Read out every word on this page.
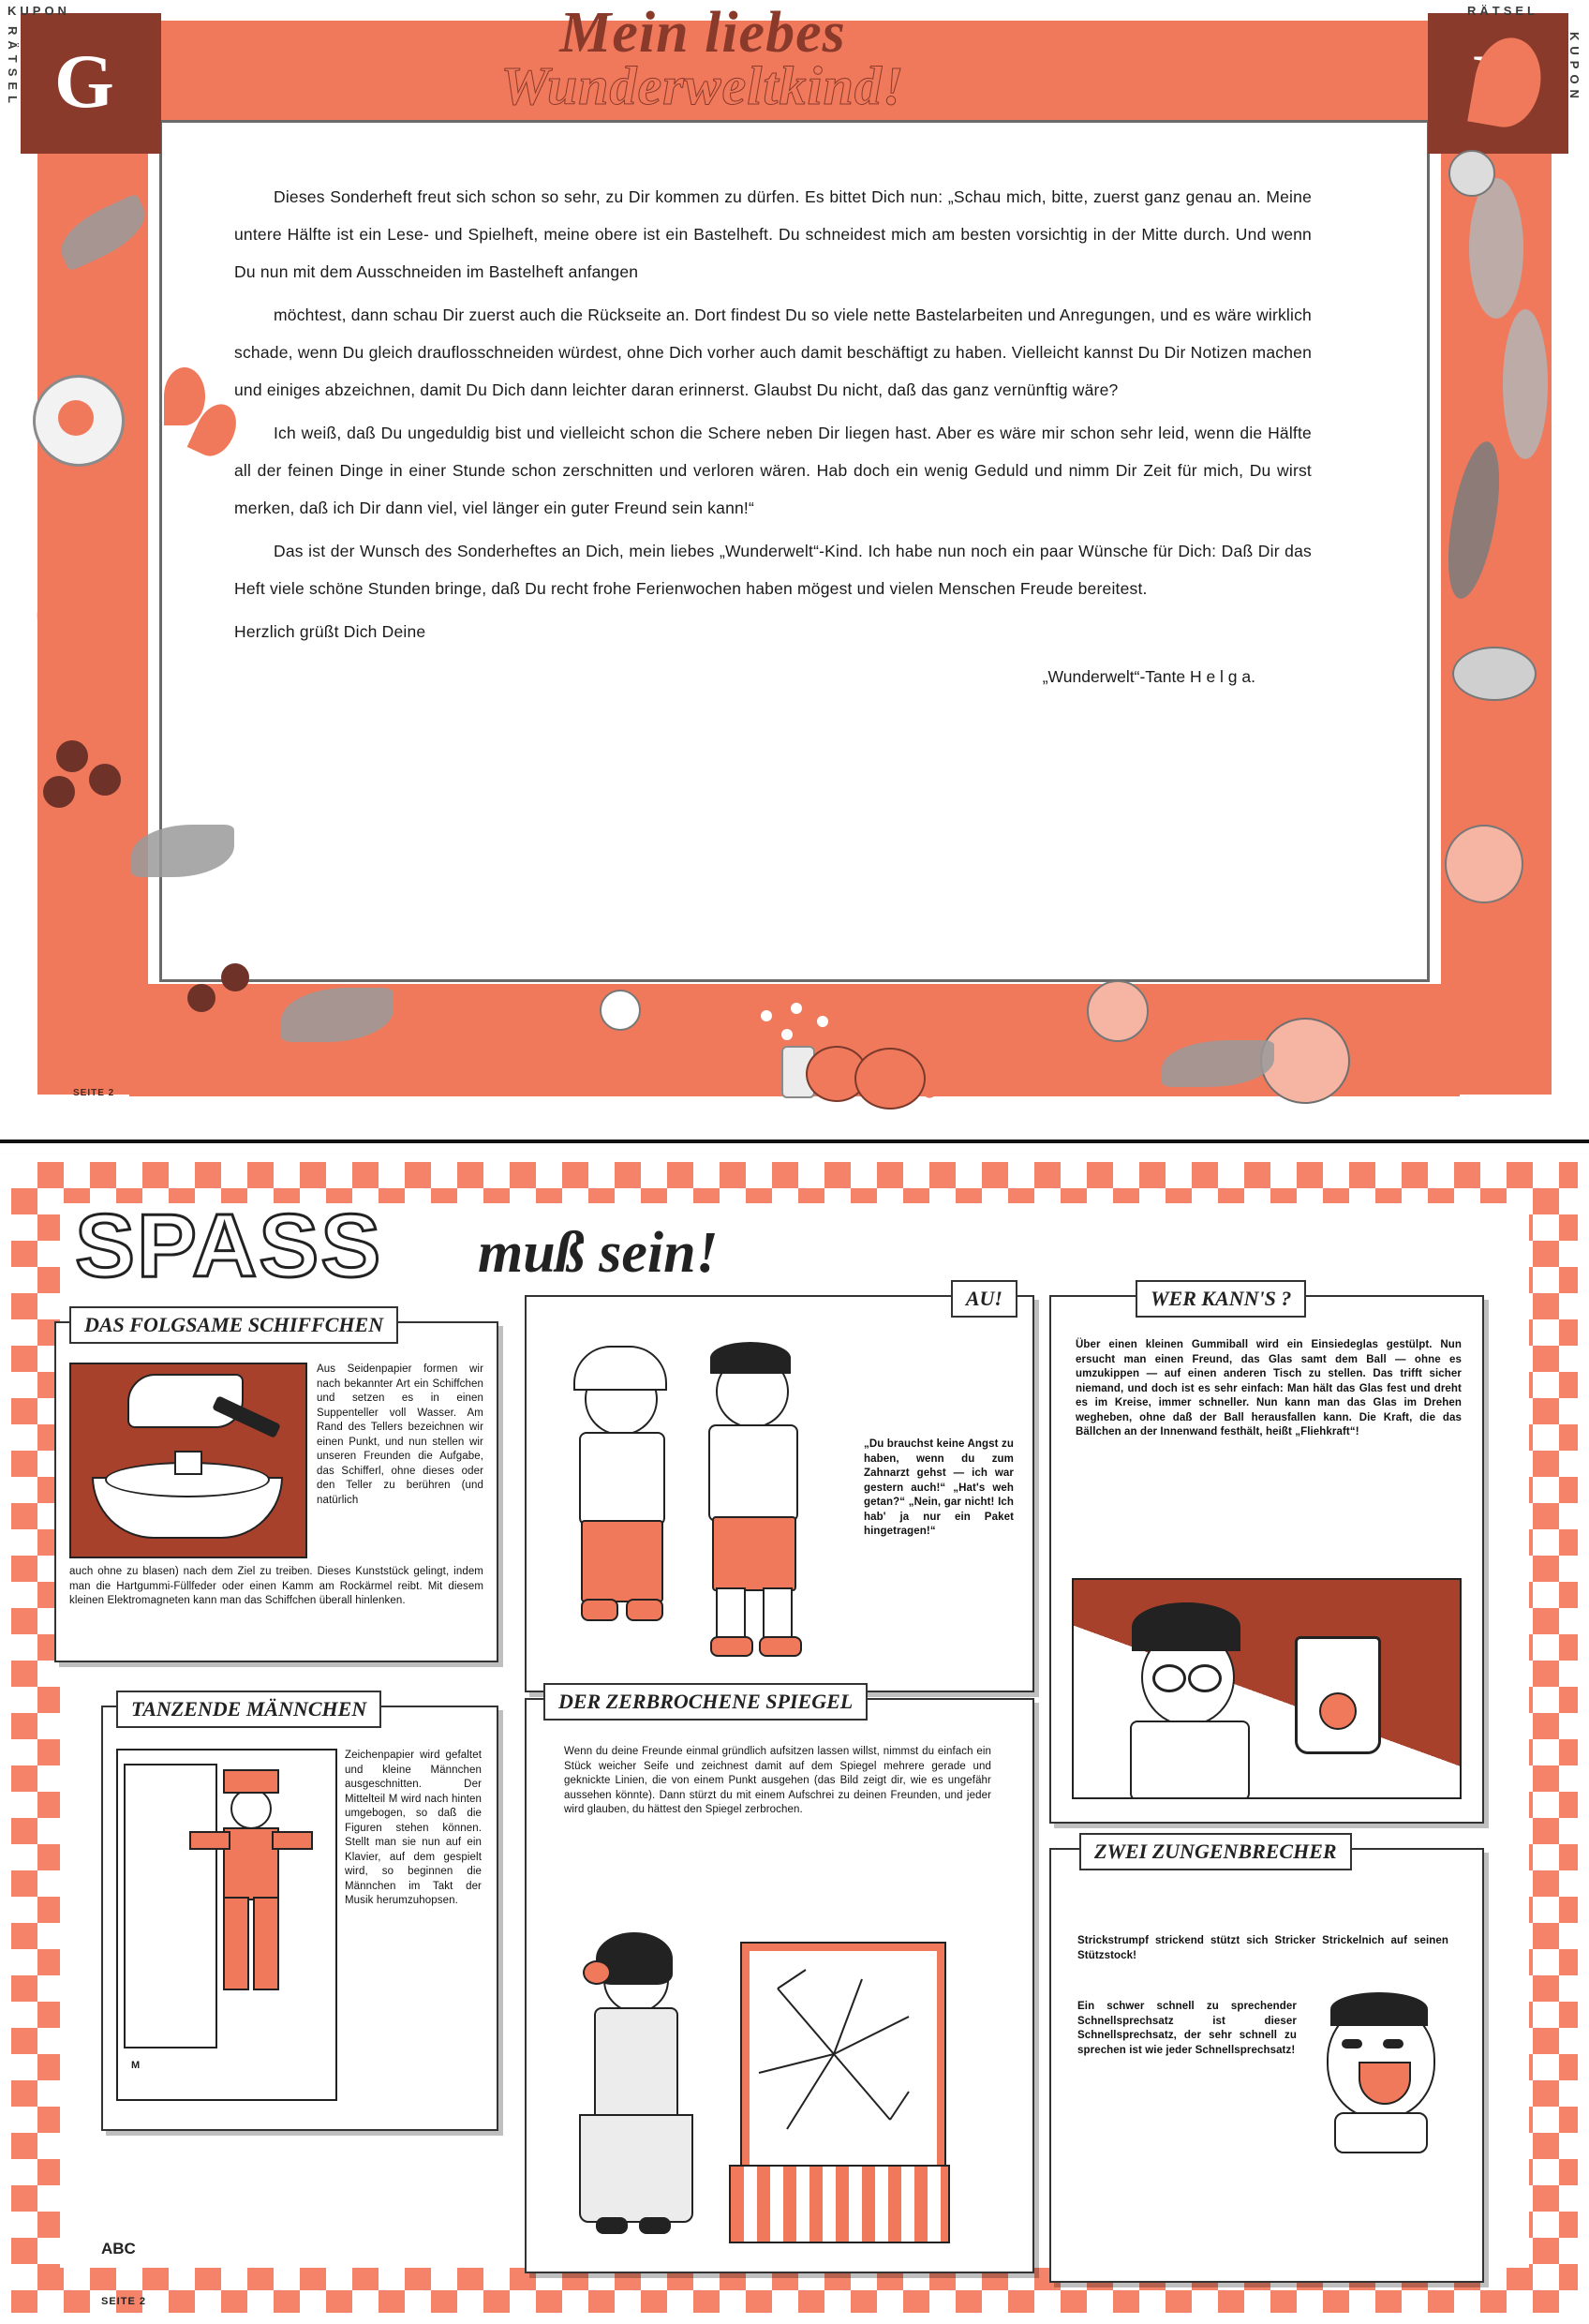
G
KUPON	RÄTSEL
RÄTSEL	KUPON
Mein liebes
Wunderweltkind!

Dieses Sonderheft freut sich schon so sehr, zu Dir kommen zu dürfen. Es bittet Dich nun: „Schau mich, bitte, zuerst ganz genau an. Meine untere Hälfte ist ein Lese- und Spielheft, meine obere ist ein Bastelheft. Du schneidest mich am besten vorsichtig in der Mitte durch. Und wenn Du nun mit dem Ausschneiden im Bastelheft anfangen

möchtest, dann schau Dir zuerst auch die Rückseite an. Dort findest Du so viele nette Bastelarbeiten und Anregungen, und es wäre wirklich schade, wenn Du gleich drauflosschneiden würdest, ohne Dich vorher auch damit beschäftigt zu haben. Vielleicht kannst Du Dir Notizen machen und einiges abzeichnen, damit Du Dich dann leichter daran erinnerst. Glaubst Du nicht, daß das ganz vernünftig wäre?

Ich weiß, daß Du ungeduldig bist und vielleicht schon die Schere neben Dir liegen hast. Aber es wäre mir schon sehr leid, wenn die Hälfte all der feinen Dinge in einer Stunde schon zerschnitten und verloren wären. Hab doch ein wenig Geduld und nimm Dir Zeit für mich, Du wirst merken, daß ich Dir dann viel, viel länger ein guter Freund sein kann!“

Das ist der Wunsch des Sonderheftes an Dich, mein liebes „Wunderwelt“-Kind. Ich habe nun noch ein paar Wünsche für Dich: Daß Dir das Heft viele schöne Stunden bringe, daß Du recht frohe Ferienwochen haben mögest und vielen Menschen Freude bereitest.

Herzlich grüßt Dich Deine

„Wunderwelt“-Tante H e l g a.
SEITE 2
SPASS	muß sein!
DAS FOLGSAME SCHIFFCHEN
Aus Seidenpapier formen wir nach bekannter Art ein Schiffchen und setzen es in einen Suppenteller voll Wasser. Am Rand des Tellers bezeichnen wir einen Punkt, und nun stellen wir unseren Freunden die Aufgabe, das Schifferl, ohne dieses oder den Teller zu berühren (und natürlich
auch ohne zu blasen) nach dem Ziel zu treiben. Dieses Kunststück gelingt, indem man die Hartgummi-Füllfeder oder einen Kamm am Rockärmel reibt. Mit diesem kleinen Elektromagneten kann man das Schiffchen überall hinlenken.
TANZENDE MÄNNCHEN
M
Zeichenpapier wird gefaltet und kleine Männchen ausgeschnitten. Der Mittelteil M wird nach hinten umgebogen, so daß die Figuren stehen können. Stellt man sie nun auf ein Klavier, auf dem gespielt wird, so beginnen die Männchen im Takt der Musik herumzuhopsen.
AU!
„Du brauchst keine Angst zu haben, wenn du zum Zahnarzt gehst — ich war gestern auch!“ „Hat's weh getan?“ „Nein, gar nicht! Ich hab' ja nur ein Paket hingetragen!“
DER ZERBROCHENE SPIEGEL
Wenn du deine Freunde einmal gründlich aufsitzen lassen willst, nimmst du einfach ein Stück weicher Seife und zeichnest damit auf dem Spiegel mehrere gerade und geknickte Linien, die von einem Punkt ausgehen (das Bild zeigt dir, wie es ungefähr aussehen könnte). Dann stürzt du mit einem Aufschrei zu deinen Freunden, und jeder wird glauben, du hättest den Spiegel zerbrochen.
WER KANN'S ?
Über einen kleinen Gummiball wird ein Einsiedeglas gestülpt. Nun ersucht man einen Freund, das Glas samt dem Ball — ohne es umzukippen — auf einen anderen Tisch zu stellen. Das trifft sicher niemand, und doch ist es sehr einfach: Man hält das Glas fest und dreht es im Kreise, immer schneller. Nun kann man das Glas im Drehen wegheben, ohne daß der Ball herausfallen kann. Die Kraft, die das Bällchen an der Innenwand festhält, heißt „Fliehkraft“!
ZWEI ZUNGENBRECHER
Strickstrumpf strickend stützt sich Stricker Strickelnich auf seinen Stützstock!
Ein schwer schnell zu sprechender Schnellsprechsatz ist dieser Schnellsprechsatz, der sehr schnell zu sprechen ist wie jeder Schnellsprechsatz!
ABC
SEITE 2
